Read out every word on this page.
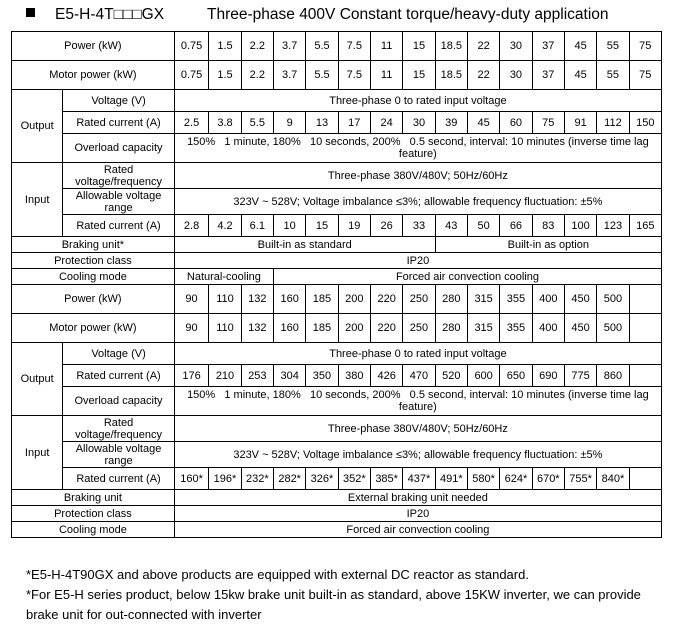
E5-H-4T□□□GX	Three-phase 400V Constant torque/heavy-duty application
Power (kW)		0.75	1.5	2.2	3.7	5.5	7.5	11	15	18.5	22	30	37	45	55	75
Motor power (kW)		0.75	1.5	2.2	3.7	5.5	7.5	11	15	18.5	22	30	37	45	55	75
Output	Voltage (V)	Three-phase 0 to rated input voltage														
	Rated current (A)	2.5	3.8	5.5	9	13	17	24	30	39	45	60	75	91	112	150
	Overload capacity	150%   1 minute, 180%   10 seconds, 200%   0.5 second, interval: 10 minutes (inverse time lag feature)														
Input	Rated voltage/frequency	Three-phase 380V/480V; 50Hz/60Hz														
	Allowable voltage range	323V ~ 528V; Voltage imbalance ≤3%; allowable frequency fluctuation: ±5%														
	Rated current (A)	2.8	4.2	6.1	10	15	19	26	33	43	50	66	83	100	123	165
Braking unit*		Built-in as standard								Built-in as option						
Protection class		IP20														
Cooling mode		Natural-cooling			Forced air convection cooling											
Power (kW)		90	110	132	160	185	200	220	250	280	315	355	400	450	500	
Motor power (kW)		90	110	132	160	185	200	220	250	280	315	355	400	450	500	
Output	Voltage (V)	Three-phase 0 to rated input voltage														
	Rated current (A)	176	210	253	304	350	380	426	470	520	600	650	690	775	860	
	Overload capacity	150%   1 minute, 180%   10 seconds, 200%   0.5 second, interval: 10 minutes (inverse time lag feature)														
Input	Rated voltage/frequency	Three-phase 380V/480V; 50Hz/60Hz														
	Allowable voltage range	323V ~ 528V; Voltage imbalance ≤3%; allowable frequency fluctuation: ±5%														
	Rated current (A)	160*	196*	232*	282*	326*	352*	385*	437*	491*	580*	624*	670*	755*	840*	
Braking unit		External braking unit needed														
Protection class		IP20														
Cooling mode		Forced air convection cooling														

*E5-H-4T90GX and above products are equipped with external DC reactor as standard.

*For E5-H series product, below 15kw brake unit built-in as standard, above 15KW inverter, we can provide brake unit for out-connected with inverter
